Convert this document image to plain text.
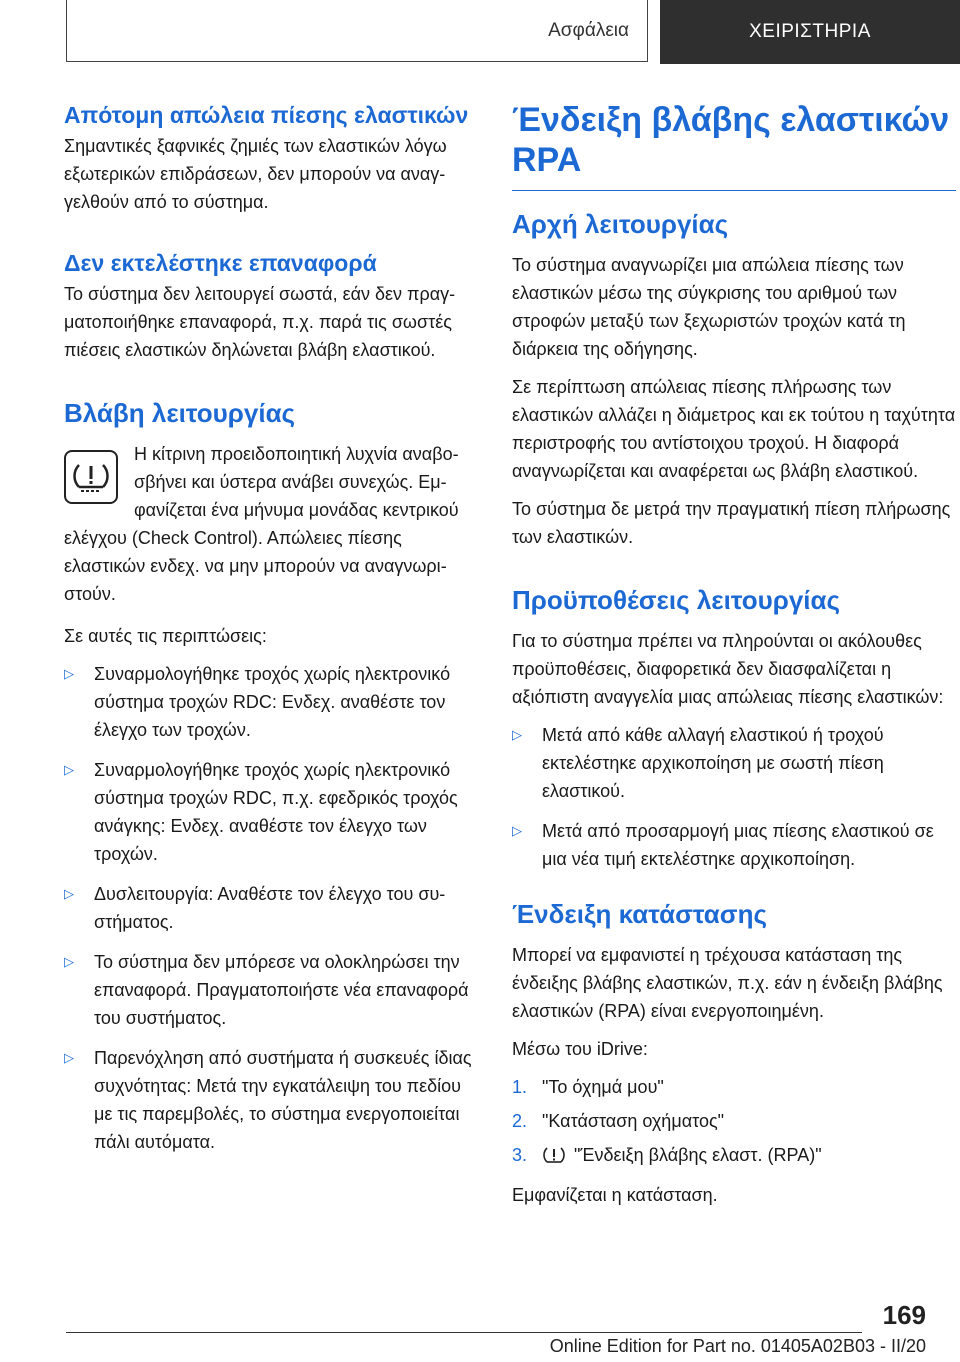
Ασφάλεια	ΧΕΙΡΙΣΤΗΡΙΑ
Απότομη απώλεια πίεσης ελαστικών

Σημαντικές ξαφνικές ζημιές των ελαστικών λόγω εξωτερικών επιδράσεων, δεν μπορούν να αναγγελθούν από το σύστημα.

Δεν εκτελέστηκε επαναφορά

Το σύστημα δεν λειτουργεί σωστά, εάν δεν πραγματοποιήθηκε επαναφορά, π.χ. παρά τις σωστές πιέσεις ελαστικών δηλώνεται βλάβη ελαστικού.

Βλάβη λειτουργίας

Η κίτρινη προειδοποιητική λυχνία αναβοσβήνει και ύστερα ανάβει συνεχώς. Εμφανίζεται ένα μήνυμα μονάδας κεντρικού ελέγχου (Check Control). Απώλειες πίεσης ελαστικών ενδεχ. να μην μπορούν να αναγνωριστούν.

Σε αυτές τις περιπτώσεις:

▷ Συναρμολογήθηκε τροχός χωρίς ηλεκτρονικό σύστημα τροχών RDC: Ενδεχ. αναθέστε τον έλεγχο των τροχών.
▷ Συναρμολογήθηκε τροχός χωρίς ηλεκτρονικό σύστημα τροχών RDC, π.χ. εφεδρικός τροχός ανάγκης: Ενδεχ. αναθέστε τον έλεγχο των τροχών.
▷ Δυσλειτουργία: Αναθέστε τον έλεγχο του συστήματος.
▷ Το σύστημα δεν μπόρεσε να ολοκληρώσει την επαναφορά. Πραγματοποιήστε νέα επαναφορά του συστήματος.
▷ Παρενόχληση από συστήματα ή συσκευές ίδιας συχνότητας: Μετά την εγκατάλειψη του πεδίου με τις παρεμβολές, το σύστημα ενεργοποιείται πάλι αυτόματα.
Ένδειξη βλάβης ελαστικών RPA
Αρχή λειτουργίας

Το σύστημα αναγνωρίζει μια απώλεια πίεσης των ελαστικών μέσω της σύγκρισης του αριθμού των στροφών μεταξύ των ξεχωριστών τροχών κατά τη διάρκεια της οδήγησης.

Σε περίπτωση απώλειας πίεσης πλήρωσης των ελαστικών αλλάζει η διάμετρος και εκ τούτου η ταχύτητα περιστροφής του αντίστοιχου τροχού. Η διαφορά αναγνωρίζεται και αναφέρεται ως βλάβη ελαστικού.

Το σύστημα δε μετρά την πραγματική πίεση πλήρωσης των ελαστικών.

Προϋποθέσεις λειτουργίας

Για το σύστημα πρέπει να πληρούνται οι ακόλουθες προϋποθέσεις, διαφορετικά δεν διασφαλίζεται η αξιόπιστη αναγγελία μιας απώλειας πίεσης ελαστικών:

▷ Μετά από κάθε αλλαγή ελαστικού ή τροχού εκτελέστηκε αρχικοποίηση με σωστή πίεση ελαστικού.
▷ Μετά από προσαρμογή μιας πίεσης ελαστικού σε μια νέα τιμή εκτελέστηκε αρχικοποίηση.
Ένδειξη κατάστασης

Μπορεί να εμφανιστεί η τρέχουσα κατάσταση της ένδειξης βλάβης ελαστικών, π.χ. εάν η ένδειξη βλάβης ελαστικών (RPA) είναι ενεργοποιημένη.

Μέσω του iDrive:

1. "Το όχημά μου"
2. "Κατάσταση οχήματος"
3.	"Ένδειξη βλάβης ελαστ. (RPA)"

Εμφανίζεται η κατάσταση.

169
Online Edition for Part no. 01405A02B03 - II/20
